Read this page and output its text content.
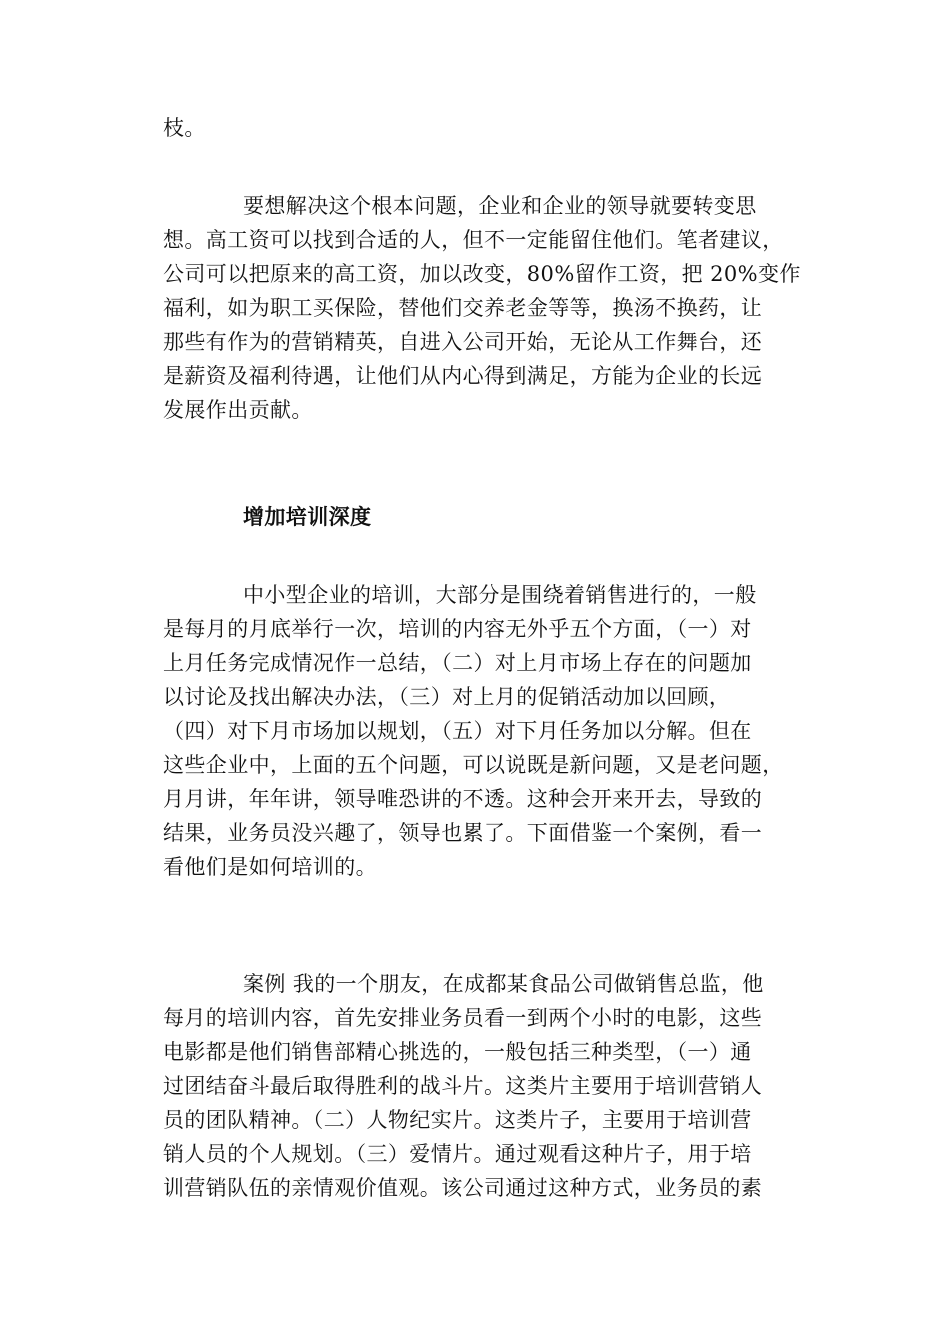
枝。
要想解决这个根本问题，企业和企业的领导就要转变思
想。高工资可以找到合适的人，但不一定能留住他们。笔者建议，
公司可以把原来的高工资，加以改变，80%留作工资，把 20%变作
福利，如为职工买保险，替他们交养老金等等，换汤不换药，让
那些有作为的营销精英，自进入公司开始，无论从工作舞台，还
是薪资及福利待遇，让他们从内心得到满足，方能为企业的长远
发展作出贡献。
增加培训深度
中小型企业的培训，大部分是围绕着销售进行的，一般
是每月的月底举行一次，培训的内容无外乎五个方面，（一）对
上月任务完成情况作一总结，（二）对上月市场上存在的问题加
以讨论及找出解决办法，（三）对上月的促销活动加以回顾，
（四）对下月市场加以规划，（五）对下月任务加以分解。但在
这些企业中，上面的五个问题，可以说既是新问题，又是老问题，
月月讲，年年讲，领导唯恐讲的不透。这种会开来开去，导致的
结果，业务员没兴趣了，领导也累了。下面借鉴一个案例，看一
看他们是如何培训的。
案例 我的一个朋友，在成都某食品公司做销售总监，他
每月的培训内容，首先安排业务员看一到两个小时的电影，这些
电影都是他们销售部精心挑选的，一般包括三种类型，（一）通
过团结奋斗最后取得胜利的战斗片。这类片主要用于培训营销人
员的团队精神。（二）人物纪实片。这类片子，主要用于培训营
销人员的个人规划。（三）爱情片。通过观看这种片子，用于培
训营销队伍的亲情观价值观。该公司通过这种方式，业务员的素
